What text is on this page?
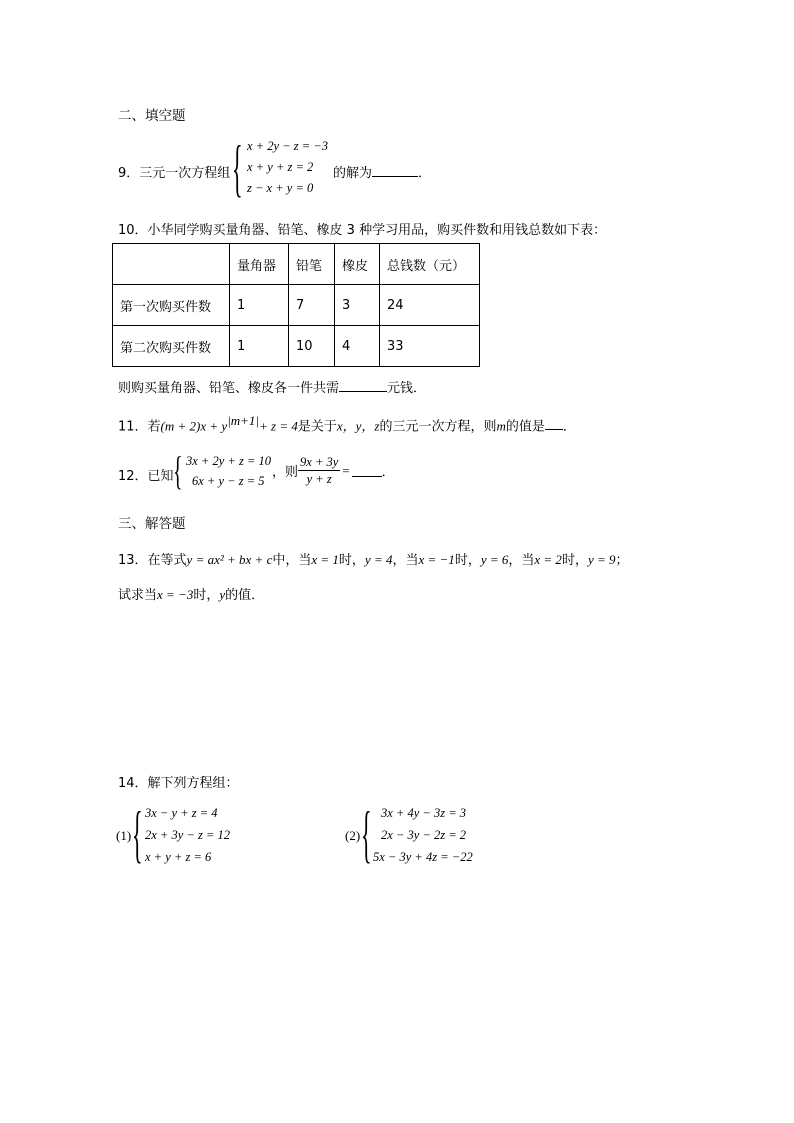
二、填空题
9．三元一次方程组 { x + 2y − z = −3
x + y + z = 2
z − x + y = 0
的解为	．
10．小华同学购买量角器、铅笔、橡皮 3 种学习用品，购买件数和用钱总数如下表：
	量角器	铅笔	橡皮	总钱数（元）
第一次购买件数	1	7	3	24
第二次购买件数	1	10	4	33
则购买量角器、铅笔、橡皮各一件共需	元钱．
11．若$(m + 2)x + y^{|m+1|}+ z = 4$是关于x，y，z的三元一次方程，则m的值是 ．
12．已知 { 3x + 2y + z = 10
6x + y − z = 5
，则 $\frac{9x + 3y}{y + z}$ = ．
三、解答题
13．在等式y = ax² + bx + c中，当x = 1时，y = 4，当x = −1时，y = 6，当x = 2时，y = 9；
试求当x = −3时，y的值．
14．解下列方程组：
(1) { 3x − y + z = 4
2x + 3y − z = 12
x + y + z = 6
(2) { 3x + 4y − 3z = 3
2x − 3y − 2z = 2
5x − 3y + 4z = −22
